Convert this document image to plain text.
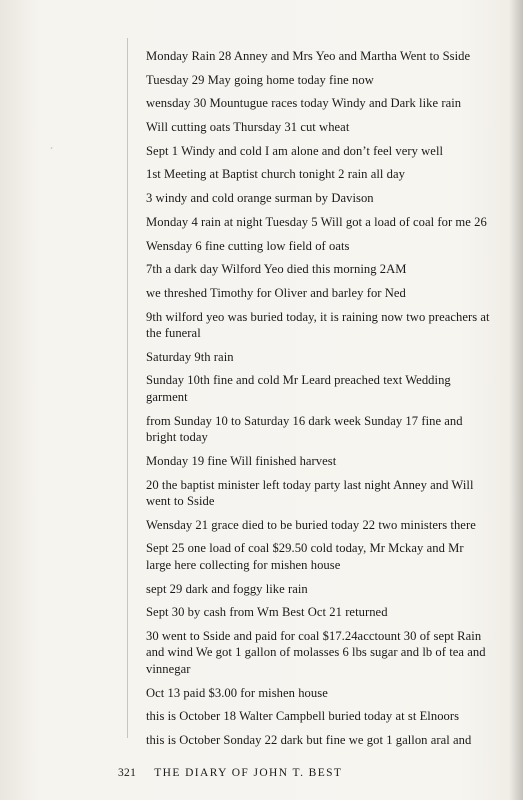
ˊ

Monday Rain 28 Anney and Mrs Yeo and Martha Went to Sside

Tuesday 29 May going home today fine now

wensday 30 Mountugue races today Windy and Dark like rain

Will cutting oats Thursday 31 cut wheat

Sept 1 Windy and cold I am alone and don’t feel very well

1st Meeting at Baptist church tonight 2 rain all day

3 windy and cold orange surman by Davison

Monday 4 rain at night Tuesday 5 Will got a load of coal for me 26

Wensday 6 fine cutting low field of oats

7th a dark day Wilford Yeo died this morning 2AM

we threshed Timothy for Oliver and barley for Ned

9th wilford yeo was buried today, it is raining now two preachers at the funeral

Saturday 9th rain

Sunday 10th fine and cold Mr Leard preached text Wedding garment

from Sunday 10 to Saturday 16 dark week Sunday 17 fine and bright today

Monday 19 fine Will finished harvest

20 the baptist minister left today party last night Anney and Will went to Sside

Wensday 21 grace died to be buried today 22 two ministers there

Sept 25 one load of coal $29.50 cold today, Mr Mckay and Mr large here collecting for mishen house

sept 29 dark and foggy like rain

Sept 30 by cash from Wm Best Oct 21 returned

30 went to Sside and paid for coal $17.24acctount 30 of sept Rain and wind We got 1 gallon of molasses 6 lbs sugar and lb of tea and vinnegar

Oct 13 paid $3.00 for mishen house

this is October 18 Walter Campbell buried today at st Elnoors

this is October Sonday 22 dark but fine we got 1 gallon aral and

321 THE DIARY OF JOHN T. BEST
